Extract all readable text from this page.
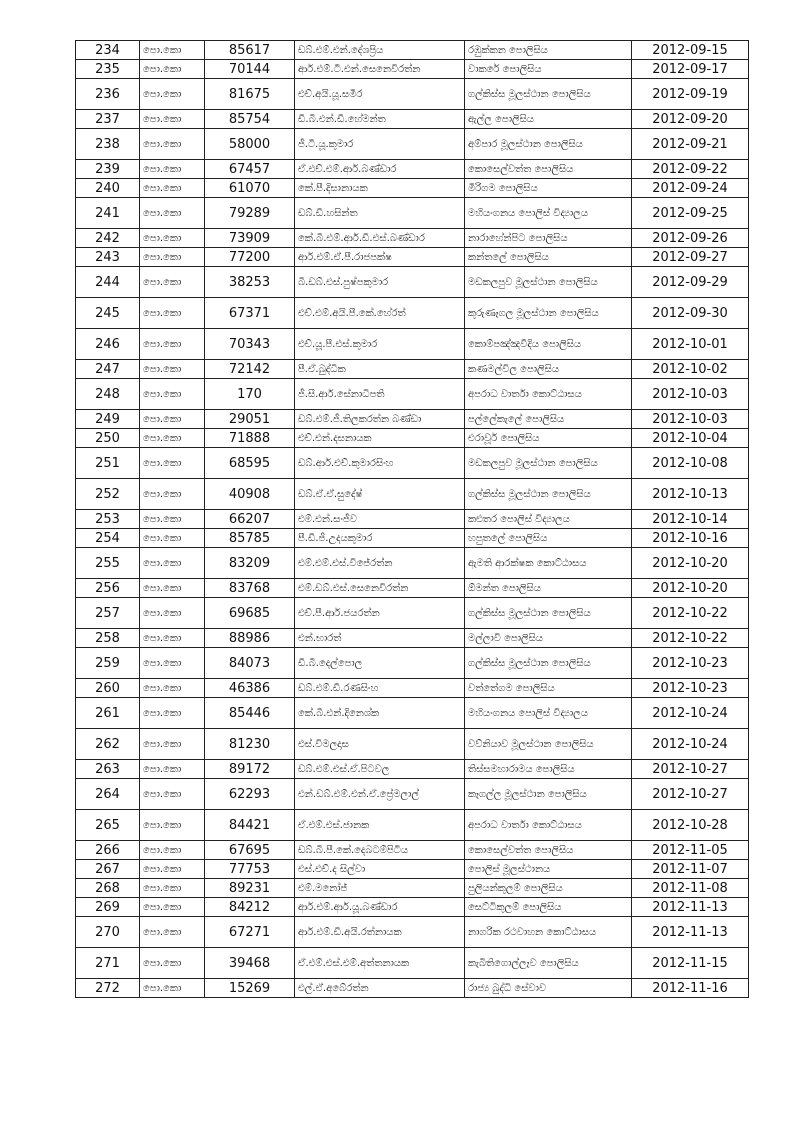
234	පො.කො	85617	ඩබ්.එම්.එන්.දේශප්‍රිය	රඹුක්කන පොලිසිය	2012-09-15
235	පො.කො	70144	ආර්.එම්.ටී.එන්.සෙනෙවිරත්න	වාකරේ පොලිසිය	2012-09-17
236	පො.කො	81675	එච්.අයි.යූ.සමීර	ගල්කිස්ස මූලස්ථාන පොලිසිය	2012-09-19
237	පො.කො	85754	ඩී.බී.එන්.ඩී.හේමන්ත	ඇල්ල පොලිසිය	2012-09-20
238	පො.කො	58000	ජී.ටී.යූ.කුමාර	අම්පාර මූලස්ථාන පොලිසිය	2012-09-21
239	පො.කො	67457	ඒ.එච්.එම්.ආර්.බණ්ඩාර	කොසෙල්වත්ත පොලිසිය	2012-09-22
240	පො.කො	61070	කේ.පී.දිසානායක	මීරිගම පොලිසිය	2012-09-24
241	පො.කො	79289	ඩබ්.ඩී.හසින්ත	මහියංගනය පොලිස් විද්‍යාලය	2012-09-25
242	පො.කො	73909	කේ.බී.එම්.ආර්.ඩී.එස්.බණ්ඩාර	නාරාහේන්පිට පොලිසිය	2012-09-26
243	පො.කො	77200	ආර්.එම්.ඒ.පී.රාජපක්ෂ	කන්තලේ පොලිසිය	2012-09-27
244	පො.කො	38253	බී.ඩබ්.එස්.පුෂ්පකුමාර	මඩකලපුව මූලස්ථාන පොලිසිය	2012-09-29
245	පො.කො	67371	එච්.එම්.අයි.පී.කේ.හේරත්	කුරුණෑගල මූලස්ථාන පොලිසිය	2012-09-30
246	පො.කො	70343	එච්.යූ.පී.එස්.කුමාර	කොම්පඤ්ඤවීදිය පොලිසිය	2012-10-01
247	පො.කො	72142	පී.ඒ.බුද්ධික	කණමල්විල පොලිසිය	2012-10-02
248	පො.කො	170	ජී.සී.ආර්.සේනාධිපති	අපරාධ වාර්තා කොට්ඨාසය	2012-10-03
249	පො.කො	29051	ඩබ්.එම්.ජී.තිලකරත්න බණ්ඩා	පල්ලේකැලේ පොලිසිය	2012-10-03
250	පො.කො	71888	එච්.එන්.දසනායක	එරාවූර් පොලිසිය	2012-10-04
251	පො.කො	68595	ඩබ්.ආර්.එච්.කුමාරසිංහ	මඩකලපුව මූලස්ථාන පොලිසිය	2012-10-08
252	පො.කො	40908	ඩබ්.ඒ.ඒ.සුදේෂ්	ගල්කිස්ස මූලස්ථාන පොලිසිය	2012-10-13
253	පො.කො	66207	එම්.එන්.සංජීව	කළුතර පොලිස් විද්‍යාලය	2012-10-14
254	පො.කො	85785	පී.ඩී.ජී.උදයකුමාර	හපුතලේ පොලිසිය	2012-10-16
255	පො.කො	83209	එම්.එම්.එස්.විජේරත්න	ඇමති ආරක්ෂක කොට්ඨාසය	2012-10-20
256	පො.කො	83768	එම්.ඩබ්.එස්.සෙනෙවිරත්න	ඕමන්ත පොලිසිය	2012-10-20
257	පො.කො	69685	එච්.පී.ආර්.ජයරත්න	ගල්කිස්ස මූලස්ථාන පොලිසිය	2012-10-22
258	පො.කො	88986	එන්.භාරත්	මල්ලාවි පොලිසිය	2012-10-22
259	පො.කො	84073	ඩී.බී.දෙල්පොල	ගල්කිස්ස මූලස්ථාන පොලිසිය	2012-10-23
260	පො.කො	46386	ඩබ්.එම්.ඩී.රණසිංහ	වත්තේගම පොලිසිය	2012-10-23
261	පො.කො	85446	කේ.බී.එන්.දිනෙශ්ක	මහියංගනය පොලිස් විද්‍යාලය	2012-10-24
262	පො.කො	81230	එස්.විමලදාස	වව්නියාව මූලස්ථාන පොලිසිය	2012-10-24
263	පො.කො	89172	ඩබ්.එම්.එස්.ඒ.පිටවල	තිස්සමහාරාමය පොලිසිය	2012-10-27
264	පො.කො	62293	එන්.ඩබ්.එම්.එන්.ඒ.ප්‍රේමලාල්	කෑගල්ල මූලස්ථාන පොලිසිය	2012-10-27
265	පො.කො	84421	ඒ.එම්.එස්.ජානක	අපරාධ වාර්තා කොට්ඨාසය	2012-10-28
266	පො.කො	67695	ඩබ්.බී.පී.කේ.දෙබටම්පිටිය	කොසෙල්වත්ත පොලිසිය	2012-11-05
267	පො.කො	77753	එස්.එච්.ද සිල්වා	පොලිස් මූලස්ථානය	2012-11-07
268	පො.කො	89231	එම්.මනෝජ්	පුලියන්කුලම් පොලිසිය	2012-11-08
269	පො.කො	84212	ආර්.එම්.ආර්.යූ.බණ්ඩාර	සෙට්ටිකුලම් පොලිසිය	2012-11-13
270	පො.කො	67271	ආර්.එම්.ඩී.අයි.රත්නායක	නාගරික රථවාහන කොට්ඨාසය	2012-11-13
271	පො.කො	39468	ඒ.එම්.එස්.එම්.අත්තනායක	කැබිතිගොල්ලෑව පොලිසිය	2012-11-15
272	පො.කො	15269	එල්.ඒ.අබේරත්න	රාජ්‍ය බුද්ධි සේවාව	2012-11-16
